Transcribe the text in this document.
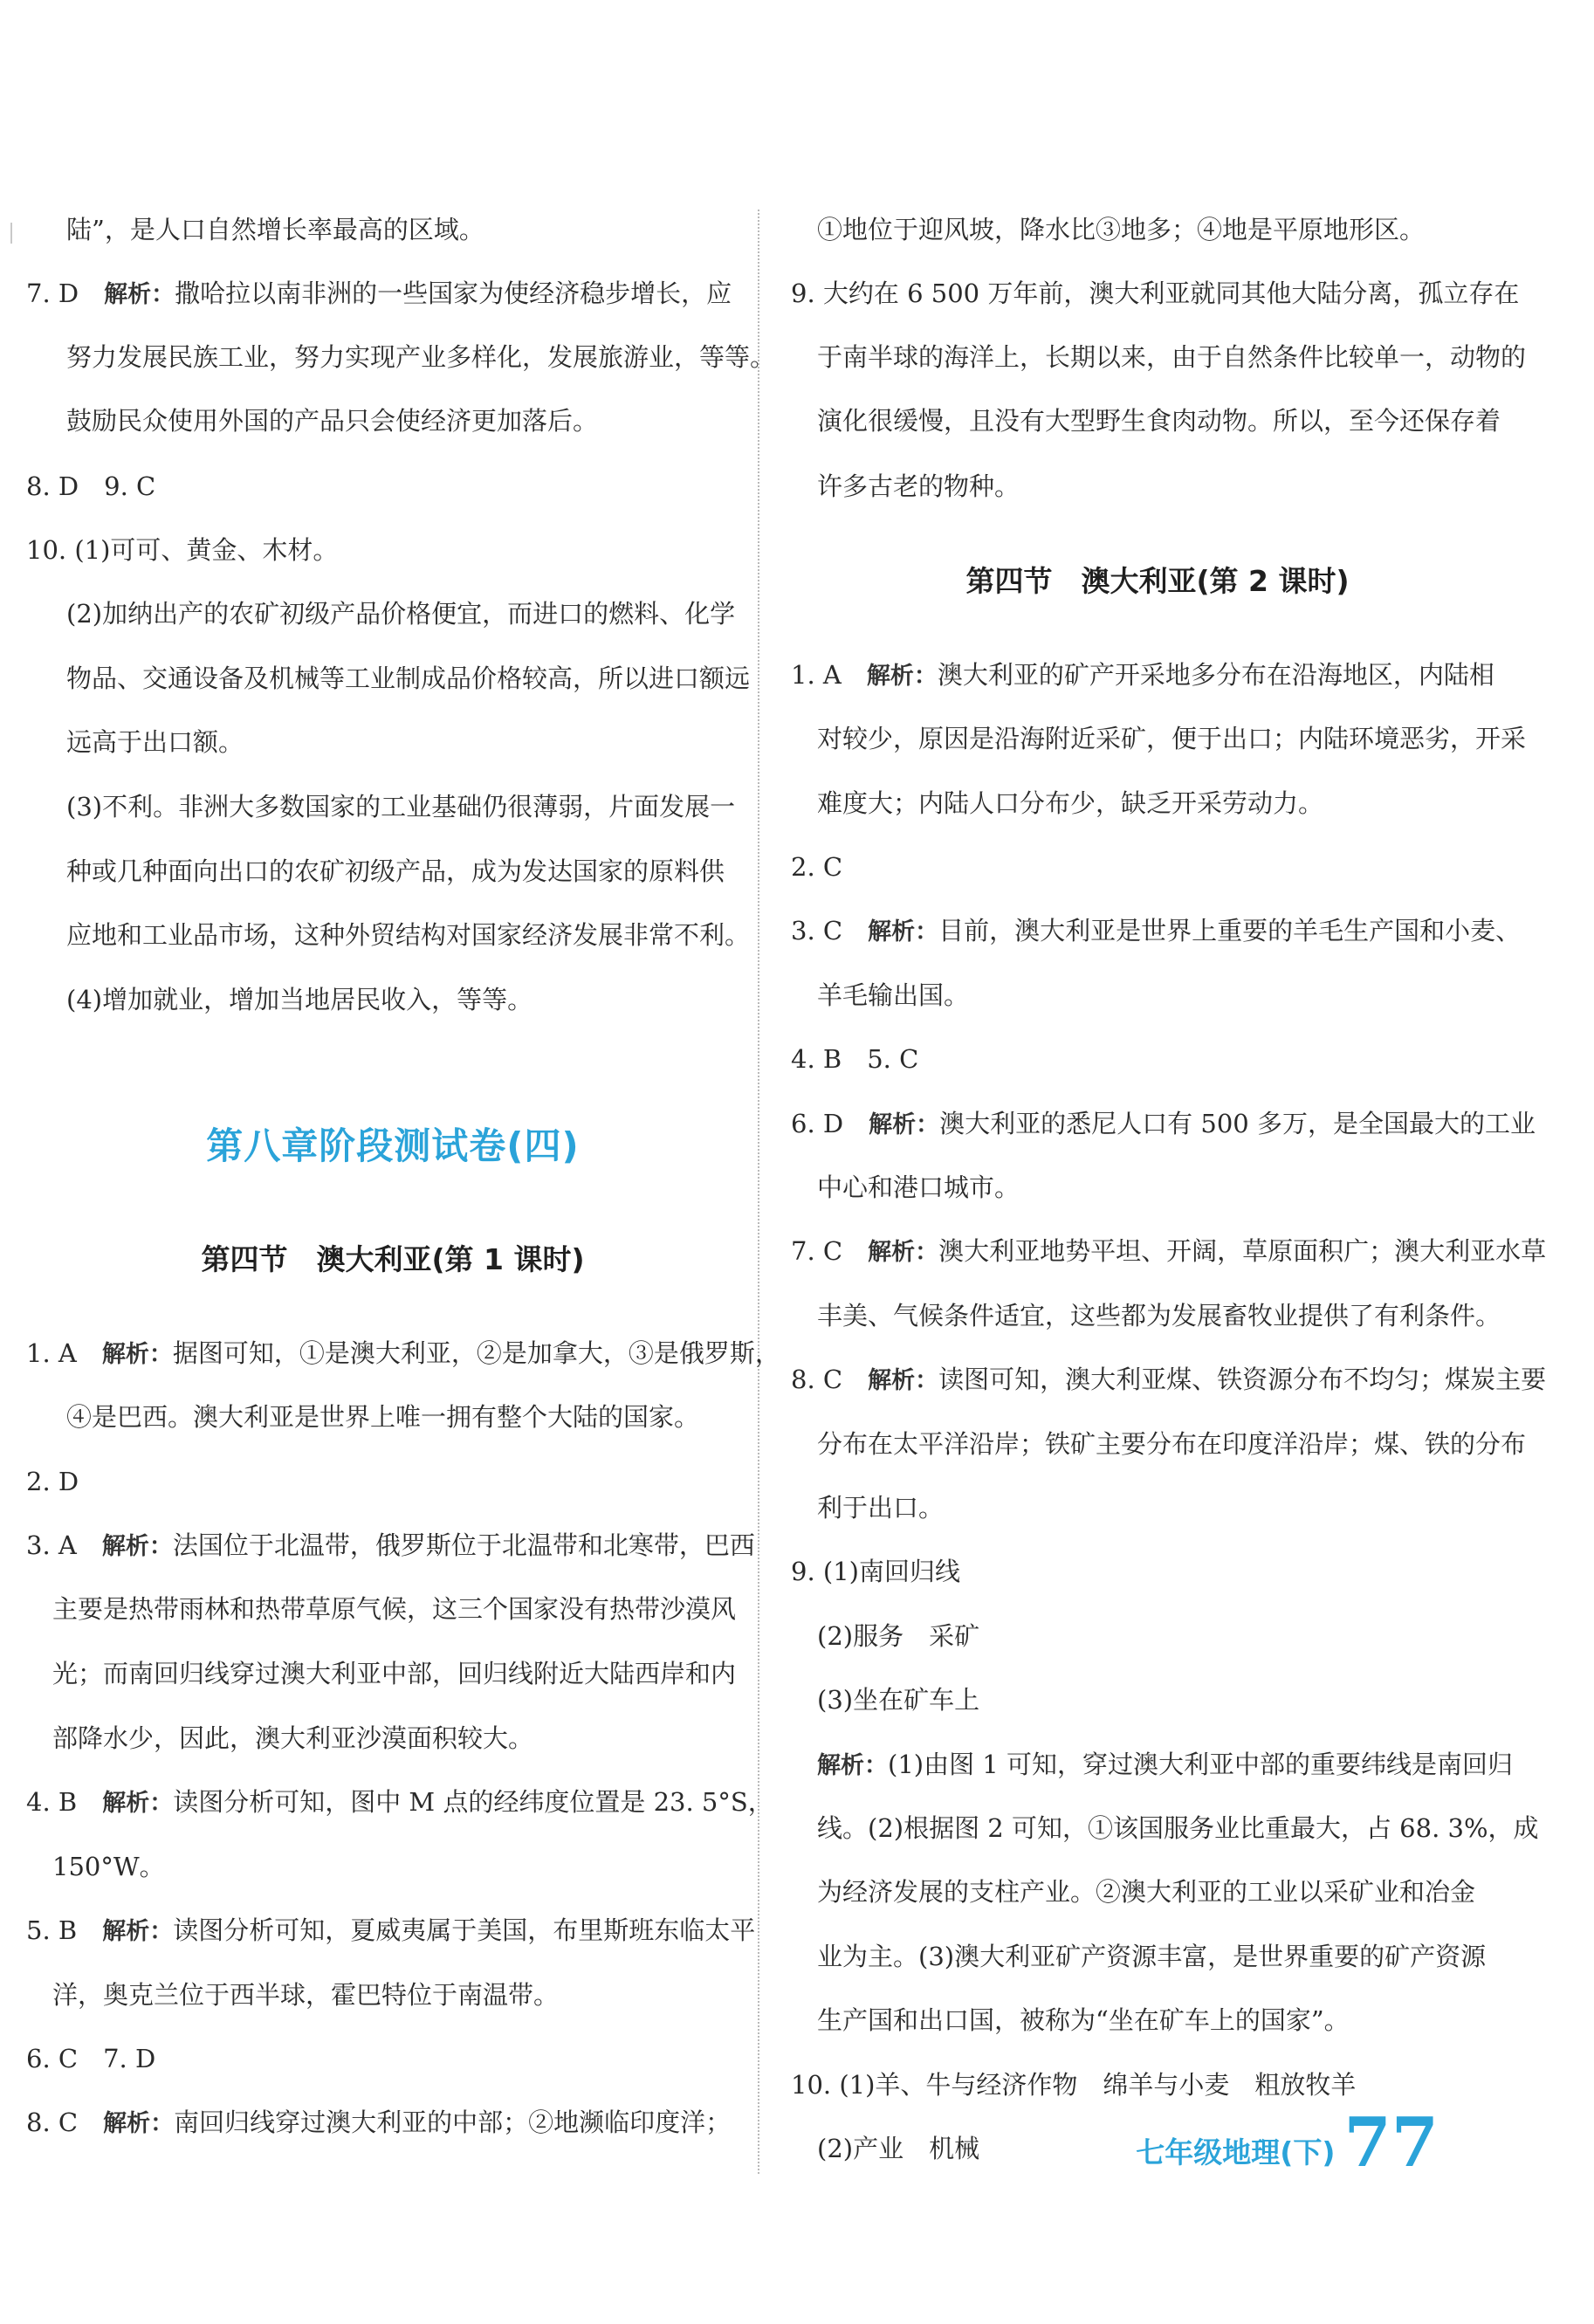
陆”，是人口自然增长率最高的区域。
7. D　 解析：撒哈拉以南非洲的一些国家为使经济稳步增长，应
努力发展民族工业，努力实现产业多样化，发展旅游业，等等。
鼓励民众使用外国的产品只会使经济更加落后。
8. D　9. C
10. (1)可可、黄金、木材。
(2)加纳出产的农矿初级产品价格便宜，而进口的燃料、化学
物品、交通设备及机械等工业制成品价格较高，所以进口额远
远高于出口额。
(3)不利。非洲大多数国家的工业基础仍很薄弱，片面发展一
种或几种面向出口的农矿初级产品，成为发达国家的原料供
应地和工业品市场，这种外贸结构对国家经济发展非常不利。
(4)增加就业，增加当地居民收入，等等。
第八章阶段测试卷(四)
第四节　澳大利亚(第 1 课时)
1. A　 解析：据图可知，①是澳大利亚，②是加拿大，③是俄罗斯，
④是巴西。澳大利亚是世界上唯一拥有整个大陆的国家。
2. D
3. A　 解析：法国位于北温带，俄罗斯位于北温带和北寒带，巴西
主要是热带雨林和热带草原气候，这三个国家没有热带沙漠风
光；而南回归线穿过澳大利亚中部，回归线附近大陆西岸和内
部降水少，因此，澳大利亚沙漠面积较大。
4. B　 解析：读图分析可知，图中 M 点的经纬度位置是 23. 5°S，
150°W。
5. B　 解析：读图分析可知，夏威夷属于美国，布里斯班东临太平
洋，奥克兰位于西半球，霍巴特位于南温带。
6. C　7. D
8. C　 解析：南回归线穿过澳大利亚的中部；②地濒临印度洋；
①地位于迎风坡，降水比③地多；④地是平原地形区。
9. 大约在 6 500 万年前，澳大利亚就同其他大陆分离，孤立存在
于南半球的海洋上，长期以来，由于自然条件比较单一，动物的
演化很缓慢，且没有大型野生食肉动物。所以，至今还保存着
许多古老的物种。
第四节　澳大利亚(第 2 课时)
1. A　 解析：澳大利亚的矿产开采地多分布在沿海地区，内陆相
对较少，原因是沿海附近采矿，便于出口；内陆环境恶劣，开采
难度大；内陆人口分布少，缺乏开采劳动力。
2. C
3. C　 解析：目前，澳大利亚是世界上重要的羊毛生产国和小麦、
羊毛输出国。
4. B　5. C
6. D　 解析：澳大利亚的悉尼人口有 500 多万，是全国最大的工业
中心和港口城市。
7. C　 解析：澳大利亚地势平坦、开阔，草原面积广；澳大利亚水草
丰美、气候条件适宜，这些都为发展畜牧业提供了有利条件。
8. C　 解析：读图可知，澳大利亚煤、铁资源分布不均匀；煤炭主要
分布在太平洋沿岸；铁矿主要分布在印度洋沿岸；煤、铁的分布
利于出口。
9. (1)南回归线
(2)服务　采矿
(3)坐在矿车上
解析：(1)由图 1 可知，穿过澳大利亚中部的重要纬线是南回归
线。(2)根据图 2 可知，①该国服务业比重最大，占 68. 3%，成
为经济发展的支柱产业。②澳大利亚的工业以采矿业和冶金
业为主。(3)澳大利亚矿产资源丰富，是世界重要的矿产资源
生产国和出口国，被称为“坐在矿车上的国家”。
10. (1)羊、牛与经济作物　绵羊与小麦　粗放牧羊
(2)产业　机械	七年级地理(下) 77
